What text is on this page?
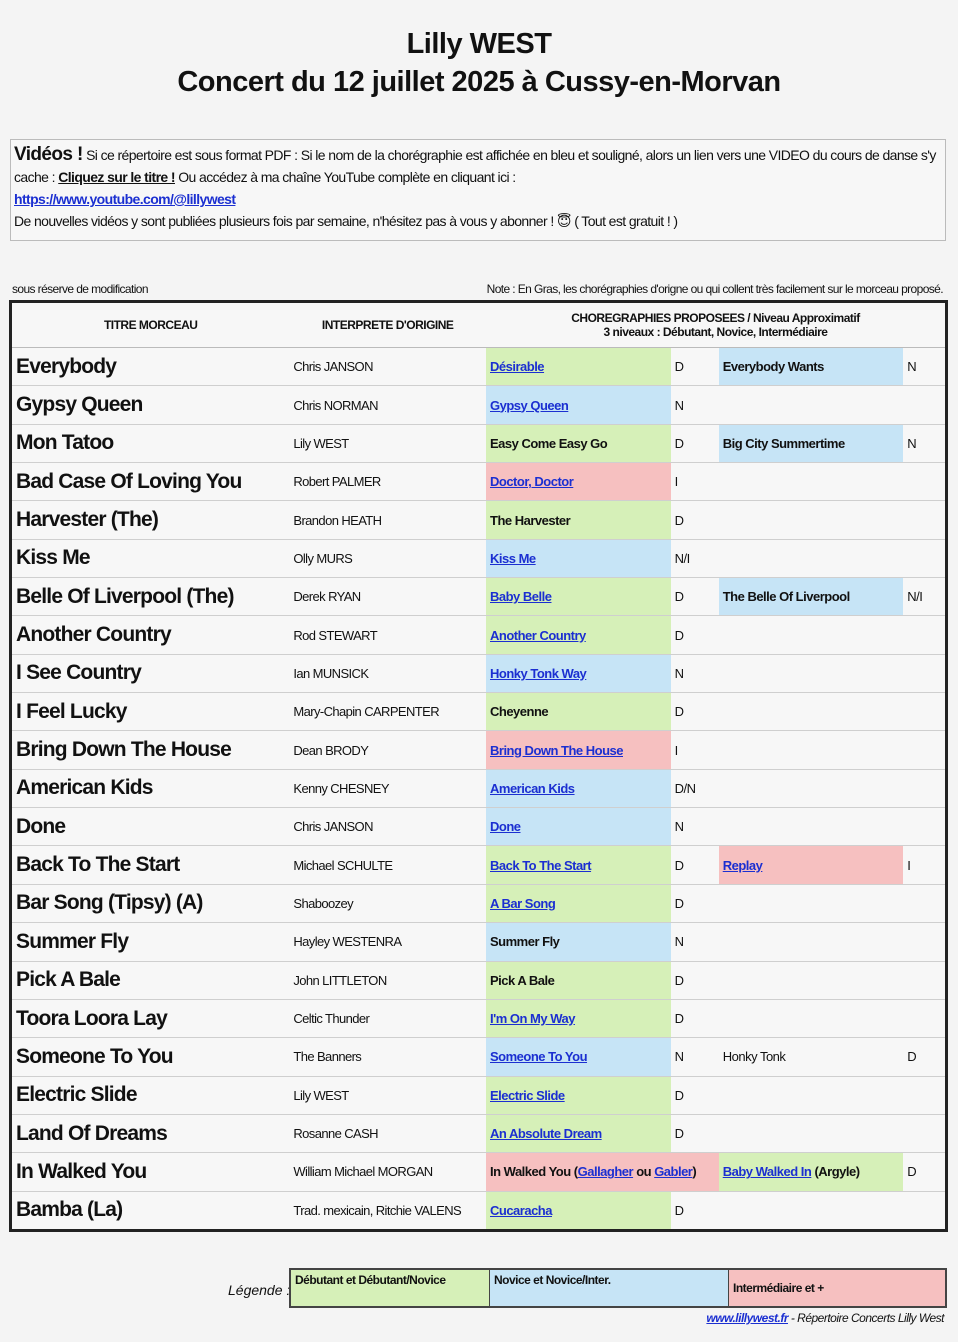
Lilly WEST
Concert du 12 juillet 2025 à Cussy-en-Morvan
Vidéos ! Si ce répertoire est sous format PDF : Si le nom de la chorégraphie est affichée en bleu et souligné, alors un lien vers une VIDEO du cours de danse s'y cache : Cliquez sur le titre ! Ou accédez à ma chaîne YouTube complète en cliquant ici :
https://www.youtube.com/@lillywest
De nouvelles vidéos y sont publiées plusieurs fois par semaine, n'hésitez pas à vous y abonner ! 😇 ( Tout est gratuit ! )
sous réserve de modification	Note : En Gras, les chorégraphies d'origne ou qui collent très facilement sur le morceau proposé.
TITRE MORCEAU	INTERPRETE D'ORIGINE	CHOREGRAPHIES PROPOSEES / Niveau Approximatif
3 niveaux : Débutant, Novice, Intermédiaire			

Everybody	Chris JANSON	Désirable	D	Everybody Wants	N
Gypsy Queen	Chris NORMAN	Gypsy Queen	N		
Mon Tatoo	Lily WEST	Easy Come Easy Go	D	Big City Summertime	N
Bad Case Of Loving You	Robert PALMER	Doctor, Doctor	I		
Harvester (The)	Brandon HEATH	The Harvester	D		
Kiss Me	Olly MURS	Kiss Me	N/I		
Belle Of Liverpool (The)	Derek RYAN	Baby Belle	D	The Belle Of Liverpool	N/I
Another Country	Rod STEWART	Another Country	D		
I See Country	Ian MUNSICK	Honky Tonk Way	N		
I Feel Lucky	Mary-Chapin CARPENTER	Cheyenne	D		
Bring Down The House	Dean BRODY	Bring Down The House	I		
American Kids	Kenny CHESNEY	American Kids	D/N		
Done	Chris JANSON	Done	N		
Back To The Start	Michael SCHULTE	Back To The Start	D	Replay	I
Bar Song (Tipsy) (A)	Shaboozey	A Bar Song	D		
Summer Fly	Hayley WESTENRA	Summer Fly	N		
Pick A Bale	John LITTLETON	Pick A Bale	D		
Toora Loora Lay	Celtic Thunder	I'm On My Way	D		
Someone To You	The Banners	Someone To You	N	Honky Tonk	D
Electric Slide	Lily WEST	Electric Slide	D		
Land Of Dreams	Rosanne CASH	An Absolute Dream	D		
In Walked You	William Michael MORGAN	In Walked You (Gallagher ou Gabler)		Baby Walked In (Argyle)	D
Bamba (La)	Trad. mexicain, Ritchie VALENS	Cucaracha	D		
Légende :
Débutant et Débutant/Novice	Novice et Novice/Inter.	Intermédiaire et +
www.lillywest.fr - Répertoire Concerts Lilly West
